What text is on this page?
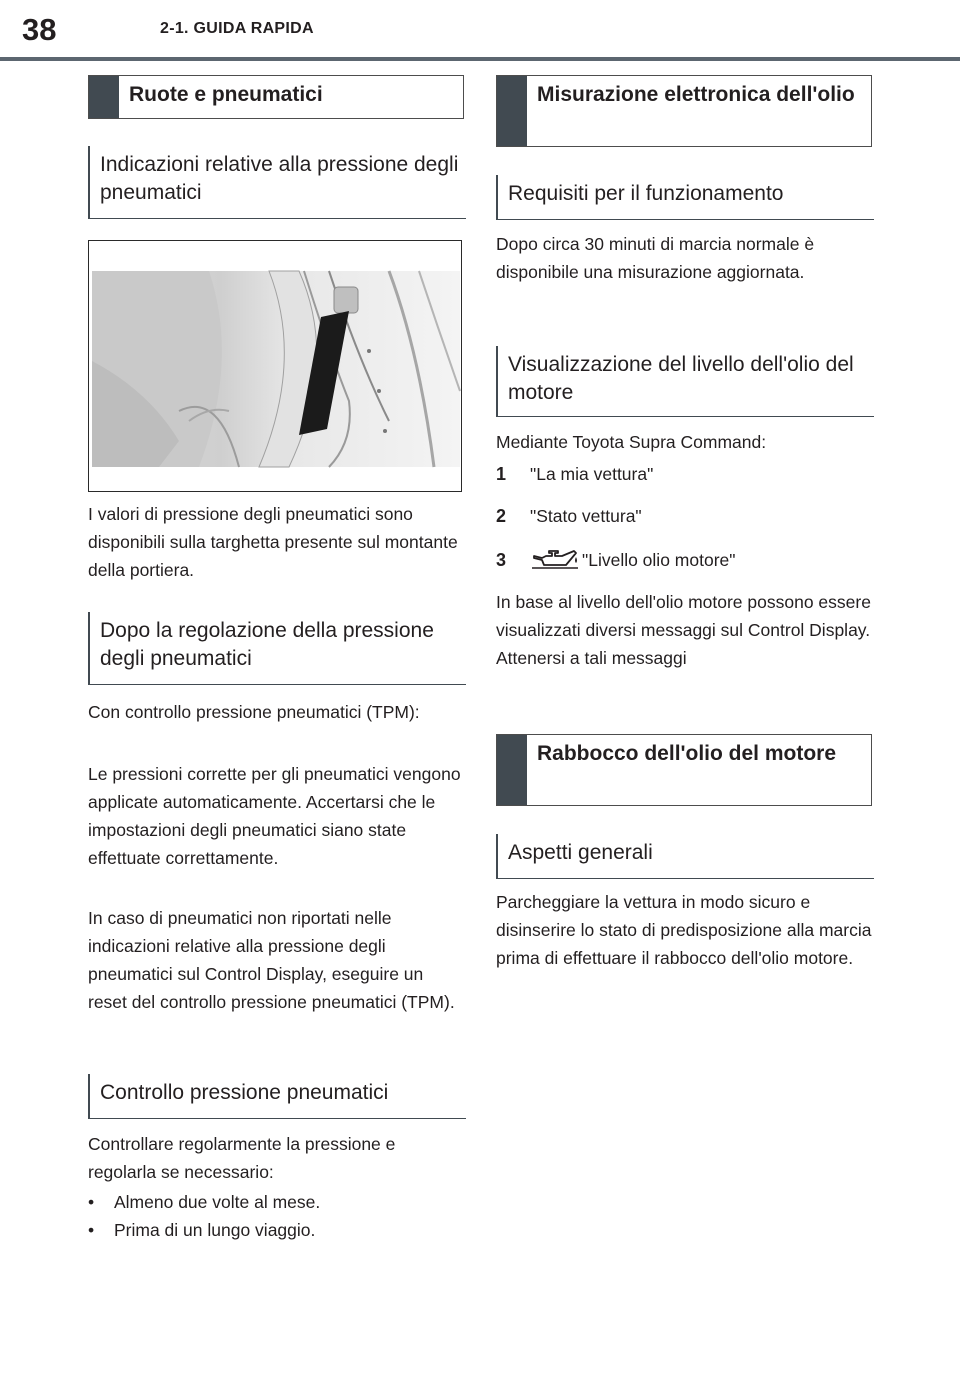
38	2-1. GUIDA RAPIDA
Ruote e pneumatici
Indicazioni relative alla pressione degli pneumatici

I valori di pressione degli pneumatici sono disponibili sulla targhetta presente sul montante della portiera.

Dopo la regolazione della pressione degli pneumatici

Con controllo pressione pneumatici (TPM):

Le pressioni corrette per gli pneumatici vengono applicate automaticamente. Accertarsi che le impostazioni degli pneumatici siano state effettuate correttamente.

In caso di pneumatici non riportati nelle indicazioni relative alla pressione degli pneumatici sul Control Display, eseguire un reset del controllo pressione pneumatici (TPM).

Controllo pressione pneumatici

Controllare regolarmente la pressione e regolarla se necessario:

• Almeno due volte al mese.
• Prima di un lungo viaggio.
Misurazione elettronica dell'olio
Requisiti per il funzionamento

Dopo circa 30 minuti di marcia normale è disponibile una misurazione aggiornata.

Visualizzazione del livello dell'olio del motore

Mediante Toyota Supra Command:

1 "La mia vettura"
2 "Stato vettura"
3	"Livello olio motore"

In base al livello dell'olio motore possono essere visualizzati diversi messaggi sul Control Display. Attenersi a tali messaggi

Rabbocco dell'olio del motore
Aspetti generali

Parcheggiare la vettura in modo sicuro e disinserire lo stato di predisposizione alla marcia prima di effettuare il rabbocco dell'olio motore.
